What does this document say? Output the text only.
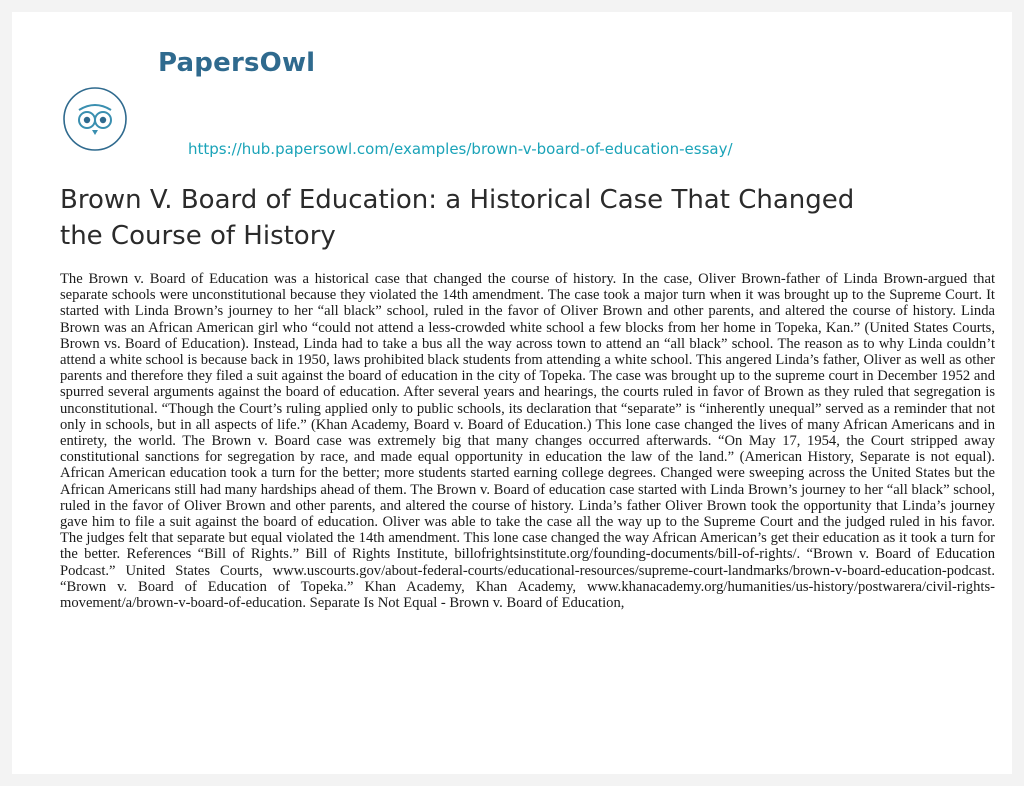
PapersOwl
https://hub.papersowl.com/examples/brown-v-board-of-education-essay/
Brown V. Board of Education: a Historical Case That Changed the Course of History

The Brown v. Board of Education was a historical case that changed the course of history. In the case, Oliver Brown-father of Linda Brown-argued that separate schools were unconstitutional because they violated the 14th amendment. The case took a major turn when it was brought up to the Supreme Court. It started with Linda Brown’s journey to her “all black” school, ruled in the favor of Oliver Brown and other parents, and altered the course of history. Linda Brown was an African American girl who “could not attend a less-crowded white school a few blocks from her home in Topeka, Kan.” (United States Courts, Brown vs. Board of Education). Instead, Linda had to take a bus all the way across town to attend an “all black” school. The reason as to why Linda couldn’t attend a white school is because back in 1950, laws prohibited black students from attending a white school. This angered Linda’s father, Oliver as well as other parents and therefore they filed a suit against the board of education in the city of Topeka. The case was brought up to the supreme court in December 1952 and spurred several arguments against the board of education. After several years and hearings, the courts ruled in favor of Brown as they ruled that segregation is unconstitutional. “Though the Court’s ruling applied only to public schools, its declaration that “separate” is “inherently unequal” served as a reminder that not only in schools, but in all aspects of life.” (Khan Academy, Board v. Board of Education.) This lone case changed the lives of many African Americans and in entirety, the world. The Brown v. Board case was extremely big that many changes occurred afterwards. “On May 17, 1954, the Court stripped away constitutional sanctions for segregation by race, and made equal opportunity in education the law of the land.” (American History, Separate is not equal). African American education took a turn for the better; more students started earning college degrees. Changed were sweeping across the United States but the African Americans still had many hardships ahead of them. The Brown v. Board of education case started with Linda Brown’s journey to her “all black” school, ruled in the favor of Oliver Brown and other parents, and altered the course of history. Linda’s father Oliver Brown took the opportunity that Linda’s journey gave him to file a suit against the board of education. Oliver was able to take the case all the way up to the Supreme Court and the judged ruled in his favor. The judges felt that separate but equal violated the 14th amendment. This lone case changed the way African American’s get their education as it took a turn for the better. References “Bill of Rights.” Bill of Rights Institute, billofrightsinstitute.org/founding-documents/bill-of-rights/. “Brown v. Board of Education Podcast.” United States Courts, www.uscourts.gov/about-federal-courts/educational-resources/supreme-court-landmarks/brown-v-board-education-podcast. “Brown v. Board of Education of Topeka.” Khan Academy, Khan Academy, www.khanacademy.org/humanities/us-history/postwarera/civil-rights-movement/a/brown-v-board-of-education. Separate Is Not Equal - Brown v. Board of Education,
